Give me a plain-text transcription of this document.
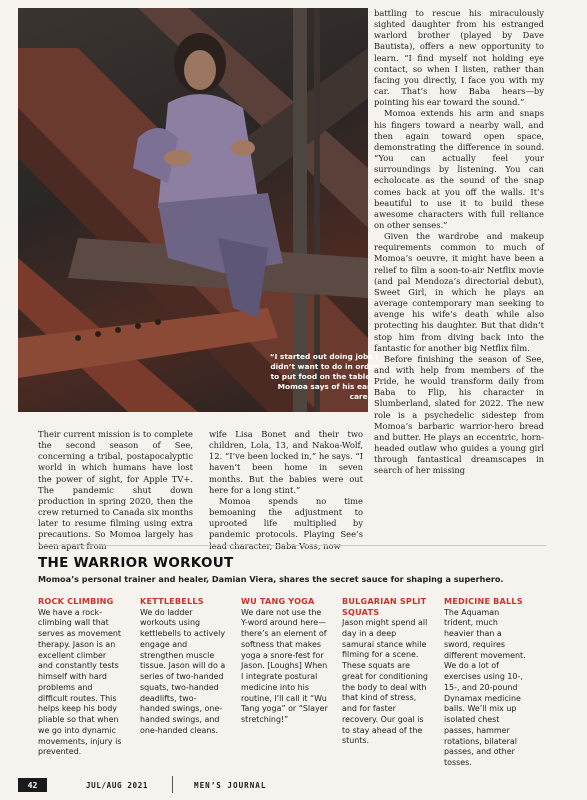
“I started out doing jobs I didn’t want to do in order to put food on the table,” Momoa says of his early career.

Their current mission is to complete the second season of See, concerning a tribal, postapocalyptic world in which humans have lost the power of sight, for Apple TV+. The pandemic shut down production in spring 2020, then the crew returned to Canada six months later to resume filming using extra precautions. So Momoa largely has

wife Lisa Bonet and their two children, Lola, 13, and Nakoa-Wolf, 12. “I’ve been locked in,” he says. “I haven’t been home in seven months. But the babies were out here for a long stint.”

Momoa spends no time bemoaning the adjustment to uprooted life multiplied by pandemic protocols. Playing See’s

battling to rescue his miraculously sighted daughter from his estranged warlord brother (played by Dave Bautista), offers a new opportunity to learn. “I find myself not holding eye contact, so when I listen, rather than facing you directly, I face you with my car. That’s how Baba hears—by pointing his ear toward the sound.”

Momoa extends his arm and snaps his fingers toward a nearby wall, and then again toward open space, demonstrating the difference in sound. “You can actually feel your surroundings by listening. You can echolocate as the sound of the snap comes back at you off the walls. It’s beautiful to use it to build these awesome characters with full reliance on other senses.”

Given the wardrobe and makeup requirements common to much of Momoa’s oeuvre, it might have been a relief to film a soon-to-air Netflix movie (and pal Mendoza’s directorial debut), Sweet Girl, in which he plays an average contemporary man seeking to avenge his wife’s death while also protecting his daughter. But that didn’t stop him from diving back into the fantastic for another big Netflix film.

Before finishing the season of See, and with help from members of the Pride, he would transform daily from Baba to Flip, his character in Slumberland, slated for 2022. The new role is a psychedelic sidestep from Momoa’s barbaric warrior-hero bread and butter. He plays an eccentric, horn-headed outlaw who guides a young girl through fantastical dreamscapes in search of her missing

THE WARRIOR WORKOUT
Momoa’s personal trainer and healer, Damian Viera, shares the secret sauce for shaping a superhero.
ROCK CLIMBING

We have a rock-climbing wall that serves as movement therapy. Jason is an excellent climber and constantly tests himself with hard problems and difficult routes. This helps keep his body pliable so that when we go into dynamic movements, injury is prevented.

KETTLEBELLS

We do ladder workouts using kettlebells to actively engage and strengthen muscle tissue. Jason will do a series of two-handed squats, two-handed deadlifts, two-handed swings, one-handed swings, and one-handed cleans.

WU TANG YOGA

We dare not use the Y-word around here—there’s an element of softness that makes yoga a snore-fest for Jason. [Loughs] When I integrate postural medicine into his routine, I’ll call it “Wu Tang yoga” or “Slayer stretching!”

BULGARIAN SPLIT SQUATS

Jason might spend all day in a deep samurai stance while filming for a scene. These squats are great for conditioning the body to deal with that kind of stress, and for faster recovery. Our goal is to stay ahead of the stunts.

MEDICINE BALLS

The Aquaman trident, much heavier than a sword, requires different movement. We do a lot of exercises using 10-, 15-, and 20-pound Dynamax medicine balls. We’ll mix up isolated chest passes, hammer rotations, bilateral passes, and other tosses.

42	JUL/AUG 2021	MEN’S JOURNAL
